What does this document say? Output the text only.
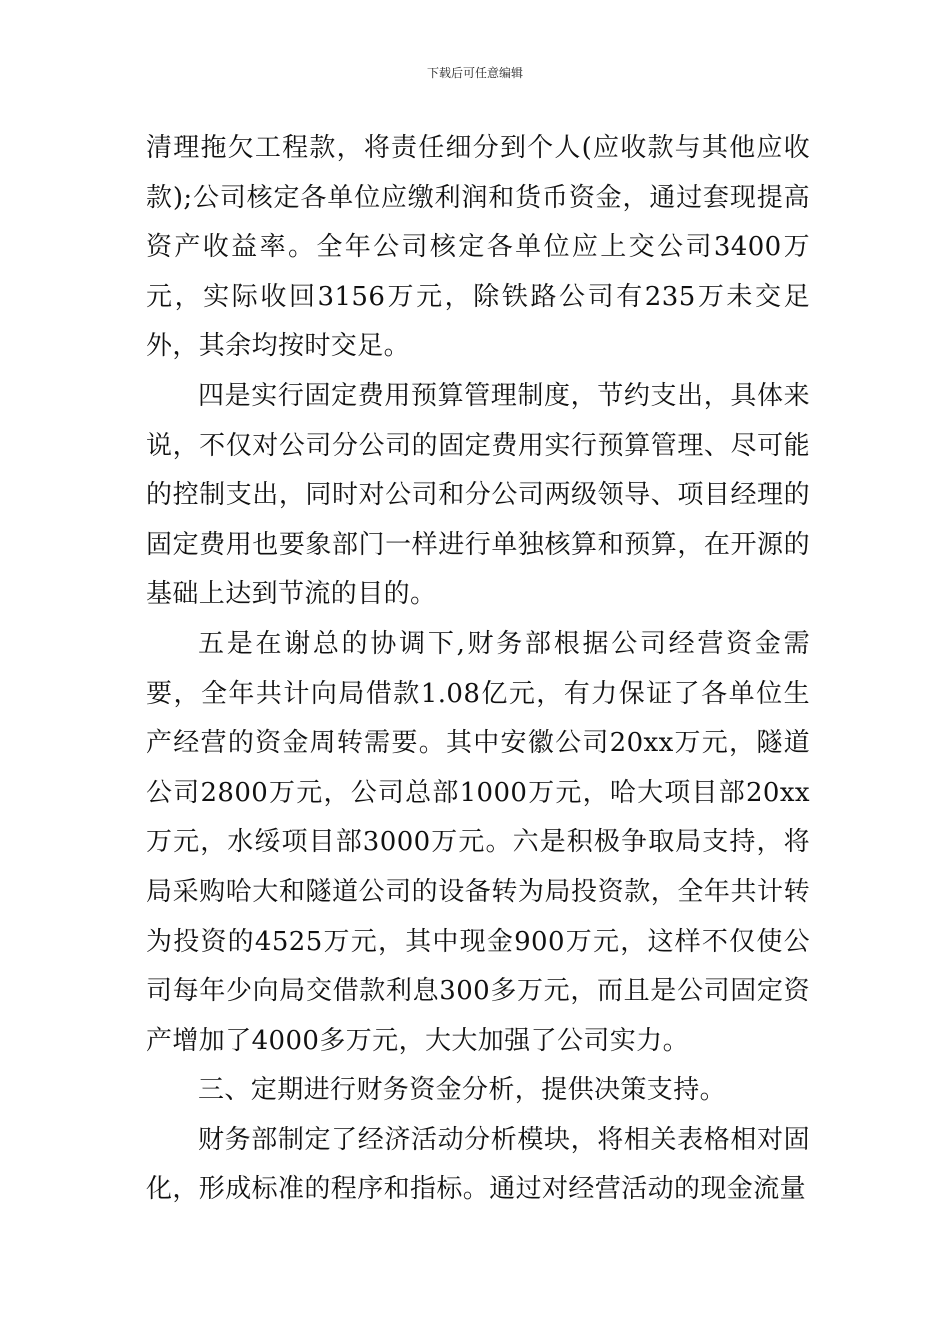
下载后可任意编辑

清理拖欠工程款，将责任细分到个人(应收款与其他应收款);公司核定各单位应缴利润和货币资金，通过套现提高资产收益率。全年公司核定各单位应上交公司3400万元，实际收回3156万元，除铁路公司有235万未交足外，其余均按时交足。

四是实行固定费用预算管理制度，节约支出，具体来说，不仅对公司分公司的固定费用实行预算管理、尽可能的控制支出，同时对公司和分公司两级领导、项目经理的固定费用也要象部门一样进行单独核算和预算，在开源的基础上达到节流的目的。

五是在谢总的协调下,财务部根据公司经营资金需要，全年共计向局借款1.08亿元，有力保证了各单位生产经营的资金周转需要。其中安徽公司20xx万元，隧道公司2800万元，公司总部1000万元，哈大项目部20xx万元，水绥项目部3000万元。六是积极争取局支持，将局采购哈大和隧道公司的设备转为局投资款，全年共计转为投资的4525万元，其中现金900万元，这样不仅使公司每年少向局交借款利息300多万元，而且是公司固定资产增加了4000多万元，大大加强了公司实力。

三、定期进行财务资金分析，提供决策支持。

财务部制定了经济活动分析模块，将相关表格相对固化，形成标准的程序和指标。通过对经营活动的现金流量
